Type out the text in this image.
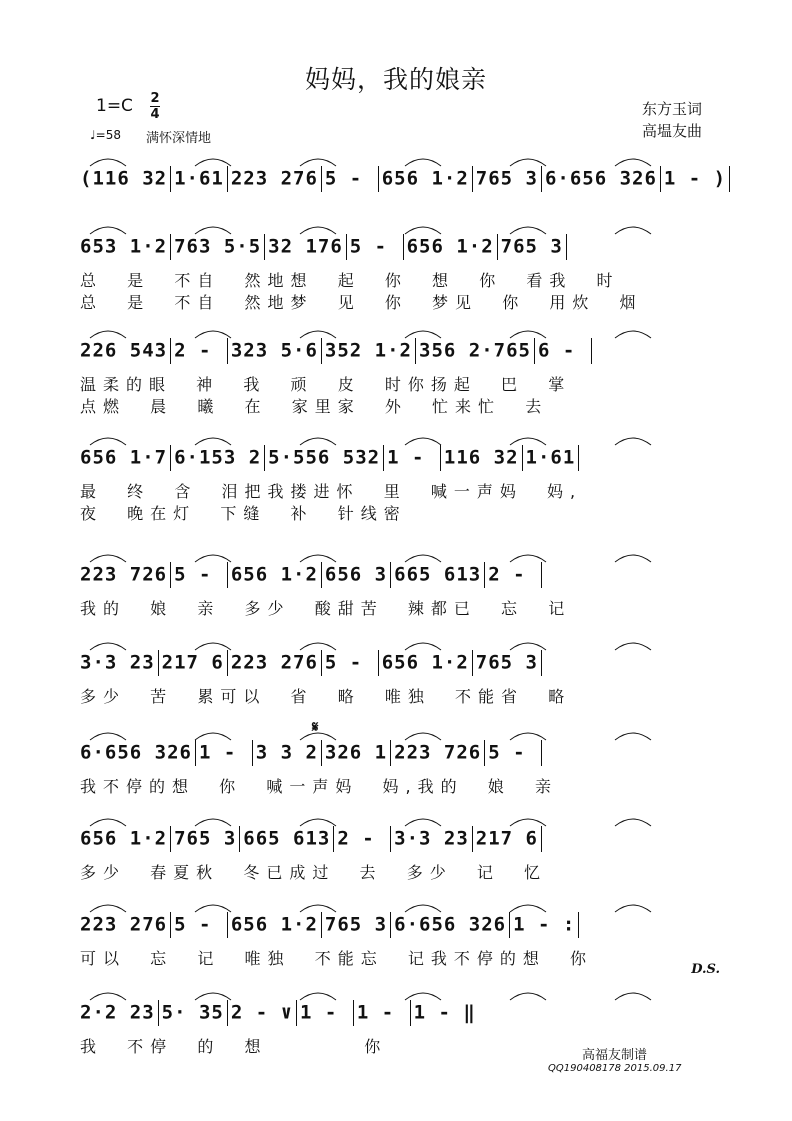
妈妈，我的娘亲
1=C 2
4
♩=58 满怀深情地
东方玉词
高塭友曲
(116 32 1·61 223 276 5 - 656 1·2 765 3 6·656 326 1 - )
653 1·2 763 5·5 32 176 5 - 656 1·2 765 3
总  是  不自  然地想  起  你  想  你  看我  时
总  是  不自  然地梦  见  你  梦见  你  用炊  烟
226 543 2 - 323 5·6 352 1·2 356 2·765 6 -
温柔的眼  神  我  顽  皮  时你扬起  巴  掌
点燃  晨  曦  在  家里家  外  忙来忙  去
656 1·7 6·153 2 5·556 532 1 - 116 32 1·61
最  终  含  泪把我搂进怀  里  喊一声妈  妈,
夜  晚在灯  下缝  补  针线密
223 726 5 - 656 1·2 656 3 665 613 2 -
我的  娘  亲  多少  酸甜苦  辣都已  忘  记
3·3 23 217 6 223 276 5 - 656 1·2 765 3
多少  苦  累可以  省  略  唯独  不能省  略
6·656 326 1 - 3 3 2 326 1 223 726 5 -
我不停的想  你  喊一声妈  妈,我的  娘  亲
656 1·2 765 3 665 613 2 - 3·3 23 217 6
多少  春夏秋  冬已成过  去  多少  记  忆
223 276 5 - 656 1·2 765 3 6·656 326 1 - :
可以  忘  记  唯独  不能忘  记我不停的想  你
2·2 23 5· 35 2 - ∨ 1 - 1 - 1 - ‖
我  不停  的  想        你
D.S.
𝄋
高福友制谱
QQ190408178 2015.09.17
